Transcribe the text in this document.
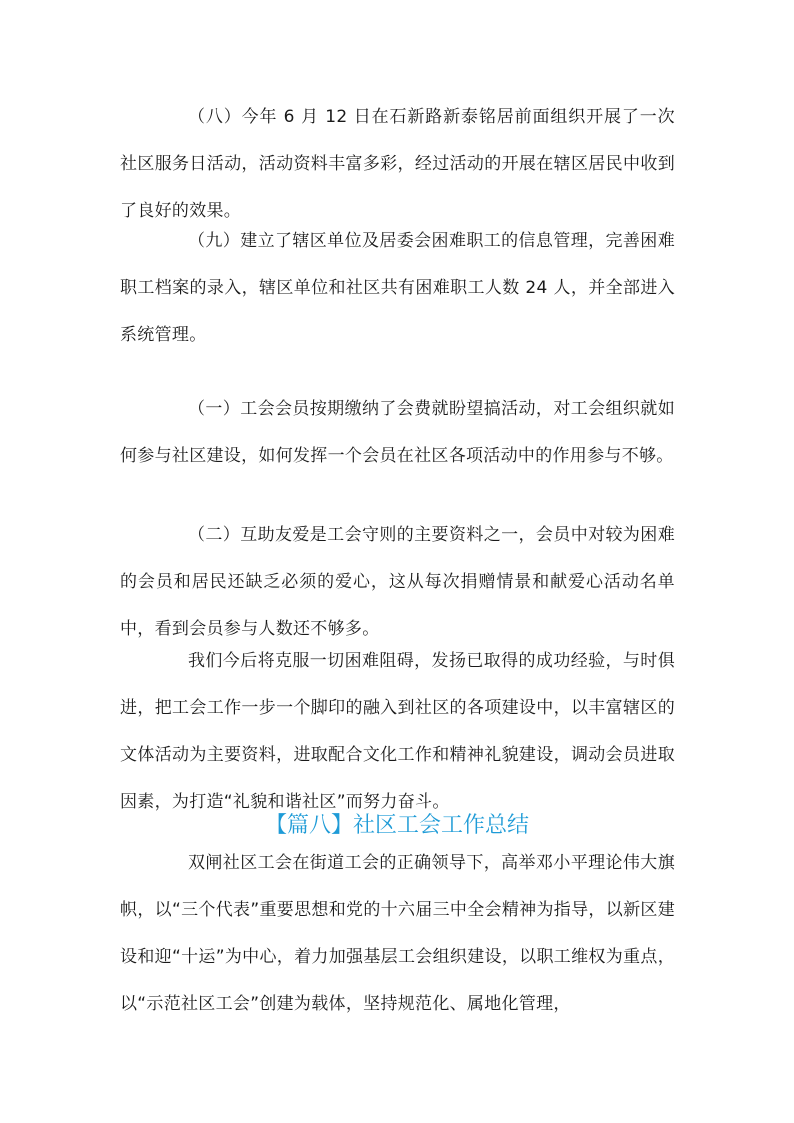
（八）今年 6 月 12 日在石新路新泰铭居前面组织开展了一次社区服务日活动，活动资料丰富多彩，经过活动的开展在辖区居民中收到了良好的效果。

（九）建立了辖区单位及居委会困难职工的信息管理，完善困难职工档案的录入，辖区单位和社区共有困难职工人数 24 人，并全部进入系统管理。

（一）工会会员按期缴纳了会费就盼望搞活动，对工会组织就如何参与社区建设，如何发挥一个会员在社区各项活动中的作用参与不够。

（二）互助友爱是工会守则的主要资料之一，会员中对较为困难的会员和居民还缺乏必须的爱心，这从每次捐赠情景和献爱心活动名单中，看到会员参与人数还不够多。

我们今后将克服一切困难阻碍，发扬已取得的成功经验，与时俱进，把工会工作一步一个脚印的融入到社区的各项建设中，以丰富辖区的文体活动为主要资料，进取配合文化工作和精神礼貌建设，调动会员进取因素，为打造“礼貌和谐社区”而努力奋斗。

【篇八】社区工会工作总结

双闸社区工会在街道工会的正确领导下，高举邓小平理论伟大旗帜，以“三个代表”重要思想和党的十六届三中全会精神为指导，以新区建设和迎“十运”为中心，着力加强基层工会组织建设，以职工维权为重点，以“示范社区工会”创建为载体，坚持规范化、属地化管理，
